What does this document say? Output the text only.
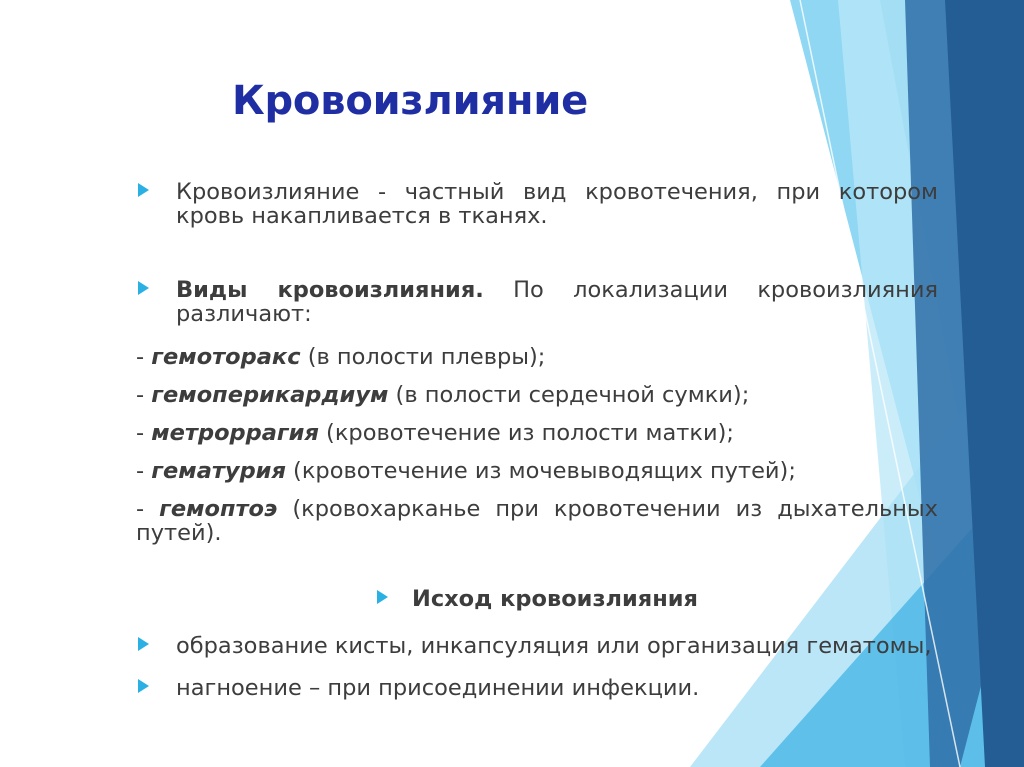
Кровоизлияние

Кровоизлияние - частный вид кровотечения, при котором кровь накапливается в тканях.

Виды кровоизлияния. По локализации кровоизлияния различают:

- гемоторакс (в полости плевры);

- гемоперикардиум (в полости сердечной сумки);

- метроррагия (кровотечение из полости матки);

- гематурия (кровотечение из мочевыводящих путей);

- гемоптоэ (кровохарканье при кровотечении из дыхательных путей).

Исход кровоизлияния

образование кисты, инкапсуляция или организация гематомы,

нагноение – при присоединении инфекции.
